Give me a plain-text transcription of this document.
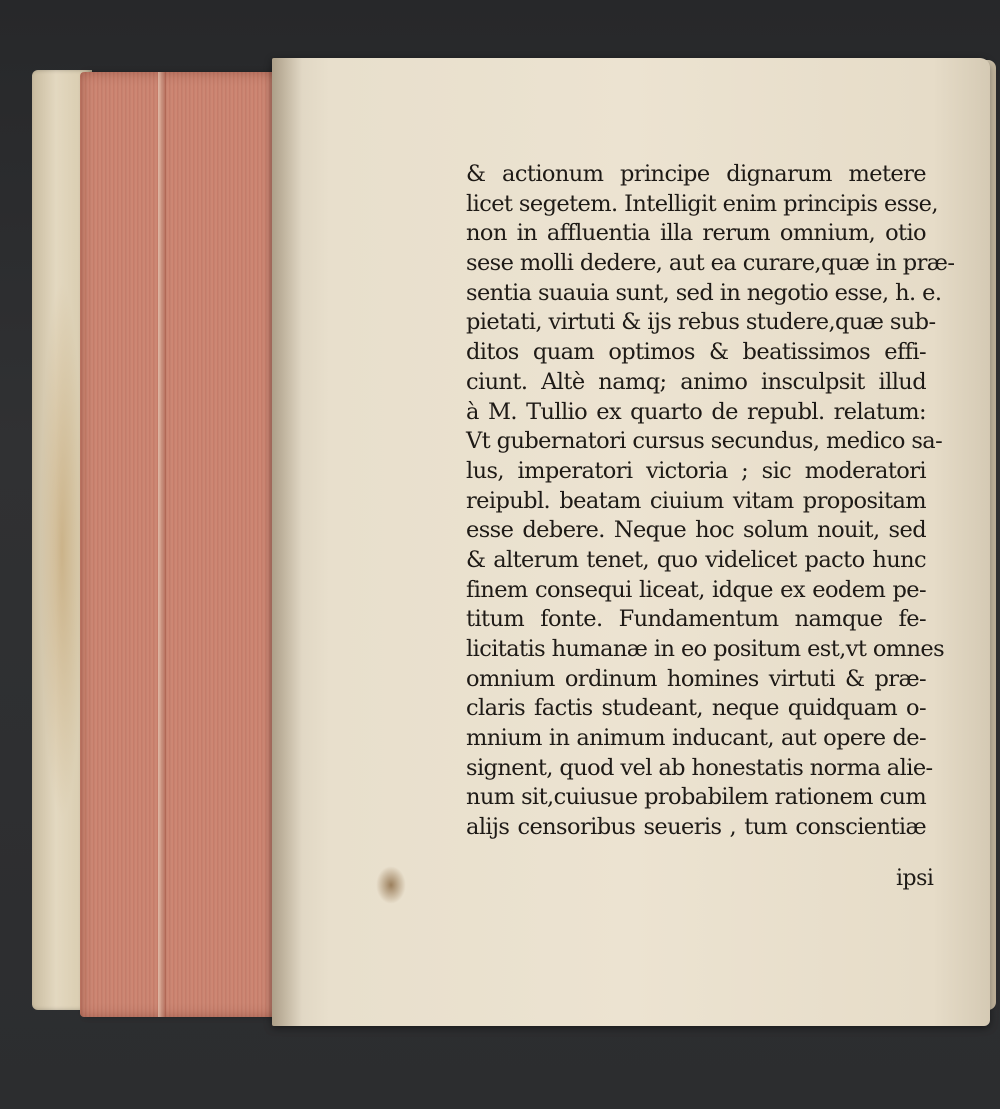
& actionum principe dignarum metere
licet segetem. Intelligit enim principis esse,
non in affluentia illa rerum omnium, otio
sese molli dedere, aut ea curare,quæ in præ-
sentia suauia sunt, sed in negotio esse, h. e.
pietati, virtuti & ijs rebus studere,quæ sub-
ditos quam optimos & beatissimos effi-
ciunt. Altè namq; animo insculpsit illud
à M. Tullio ex quarto de republ. relatum:
Vt gubernatori cursus secundus, medico sa-
lus, imperatori victoria ; sic moderatori
reipubl. beatam ciuium vitam propositam
esse debere. Neque hoc solum nouit, sed
& alterum tenet, quo videlicet pacto hunc
finem consequi liceat, idque ex eodem pe-
titum fonte. Fundamentum namque fe-
licitatis humanæ in eo positum est,vt omnes
omnium ordinum homines virtuti & præ-
claris factis studeant, neque quidquam o-
mnium in animum inducant, aut opere de-
signent, quod vel ab honestatis norma alie-
num sit,cuiusue probabilem rationem cum
alijs censoribus seueris , tum conscientiæ
ipsi
